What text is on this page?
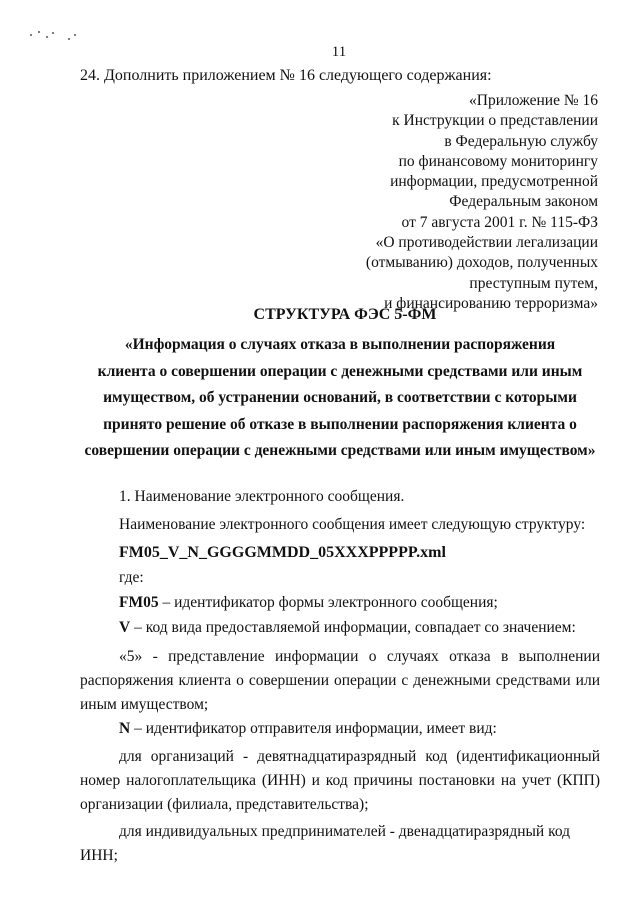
11
24. Дополнить приложением № 16 следующего содержания:
«Приложение № 16
к Инструкции о представлении
в Федеральную службу
по финансовому мониторингу
информации, предусмотренной
Федеральным законом
от 7 августа 2001 г. № 115-ФЗ
«О противодействии легализации
(отмыванию) доходов, полученных
преступным путем,
и финансированию терроризма»
СТРУКТУРА ФЭС 5-ФМ
«Информация о случаях отказа в выполнении распоряжения
клиента о совершении операции с денежными средствами или иным
имуществом, об устранении оснований, в соответствии с которыми
принято решение об отказе в выполнении распоряжения клиента о
совершении операции с денежными средствами или иным имуществом»
1. Наименование электронного сообщения.
Наименование электронного сообщения имеет следующую структуру:
FM05_V_N_GGGGMMDD_05XXXPPPPP.xml
где:
FM05 – идентификатор формы электронного сообщения;
V – код вида предоставляемой информации, совпадает со значением:
«5» - представление информации о случаях отказа в выполнении
распоряжения клиента о совершении операции с денежными средствами или
иным имуществом;
N – идентификатор отправителя информации, имеет вид:
для организаций - девятнадцатиразрядный код (идентификационный
номер налогоплательщика (ИНН) и код причины постановки на учет (КПП)
организации (филиала, представительства);
для индивидуальных предпринимателей - двенадцатиразрядный код ИНН;
